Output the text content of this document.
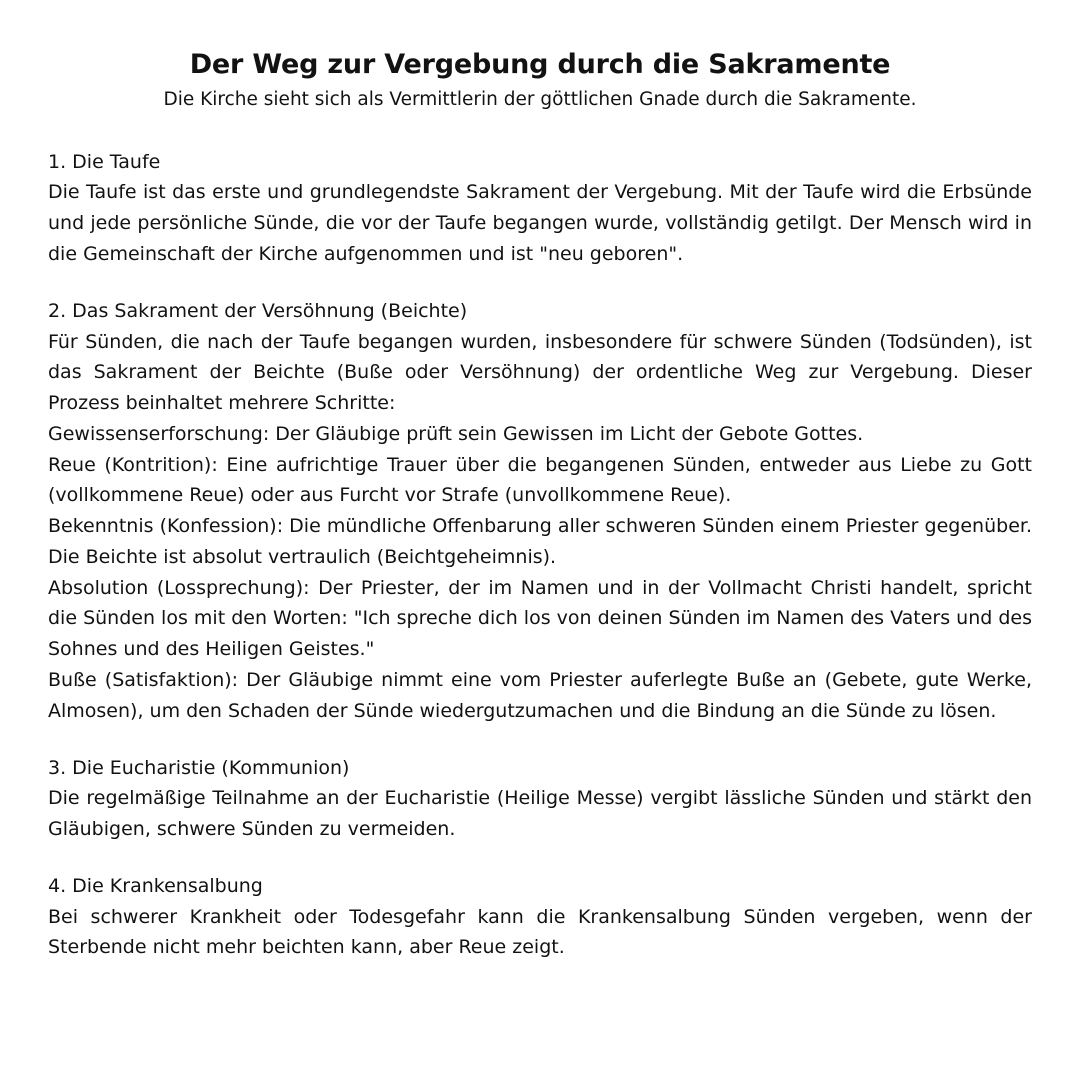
Der Weg zur Vergebung durch die Sakramente

Die Kirche sieht sich als Vermittlerin der göttlichen Gnade durch die Sakramente.

1. Die Taufe

Die Taufe ist das erste und grundlegendste Sakrament der Vergebung. Mit der Taufe wird die Erbsünde und jede persönliche Sünde, die vor der Taufe begangen wurde, vollständig getilgt. Der Mensch wird in die Gemeinschaft der Kirche aufgenommen und ist "neu geboren".

2. Das Sakrament der Versöhnung (Beichte)

Für Sünden, die nach der Taufe begangen wurden, insbesondere für schwere Sünden (Todsünden), ist das Sakrament der Beichte (Buße oder Versöhnung) der ordentliche Weg zur Vergebung. Dieser Prozess beinhaltet mehrere Schritte:

Gewissenserforschung: Der Gläubige prüft sein Gewissen im Licht der Gebote Gottes.

Reue (Kontrition): Eine aufrichtige Trauer über die begangenen Sünden, entweder aus Liebe zu Gott (vollkommene Reue) oder aus Furcht vor Strafe (unvollkommene Reue).

Bekenntnis (Konfession): Die mündliche Offenbarung aller schweren Sünden einem Priester gegenüber. Die Beichte ist absolut vertraulich (Beichtgeheimnis).

Absolution (Lossprechung): Der Priester, der im Namen und in der Vollmacht Christi handelt, spricht die Sünden los mit den Worten: "Ich spreche dich los von deinen Sünden im Namen des Vaters und des Sohnes und des Heiligen Geistes."

Buße (Satisfaktion): Der Gläubige nimmt eine vom Priester auferlegte Buße an (Gebete, gute Werke, Almosen), um den Schaden der Sünde wiedergutzumachen und die Bindung an die Sünde zu lösen.

3. Die Eucharistie (Kommunion)

Die regelmäßige Teilnahme an der Eucharistie (Heilige Messe) vergibt lässliche Sünden und stärkt den Gläubigen, schwere Sünden zu vermeiden.

4. Die Krankensalbung

Bei schwerer Krankheit oder Todesgefahr kann die Krankensalbung Sünden vergeben, wenn der Sterbende nicht mehr beichten kann, aber Reue zeigt.
